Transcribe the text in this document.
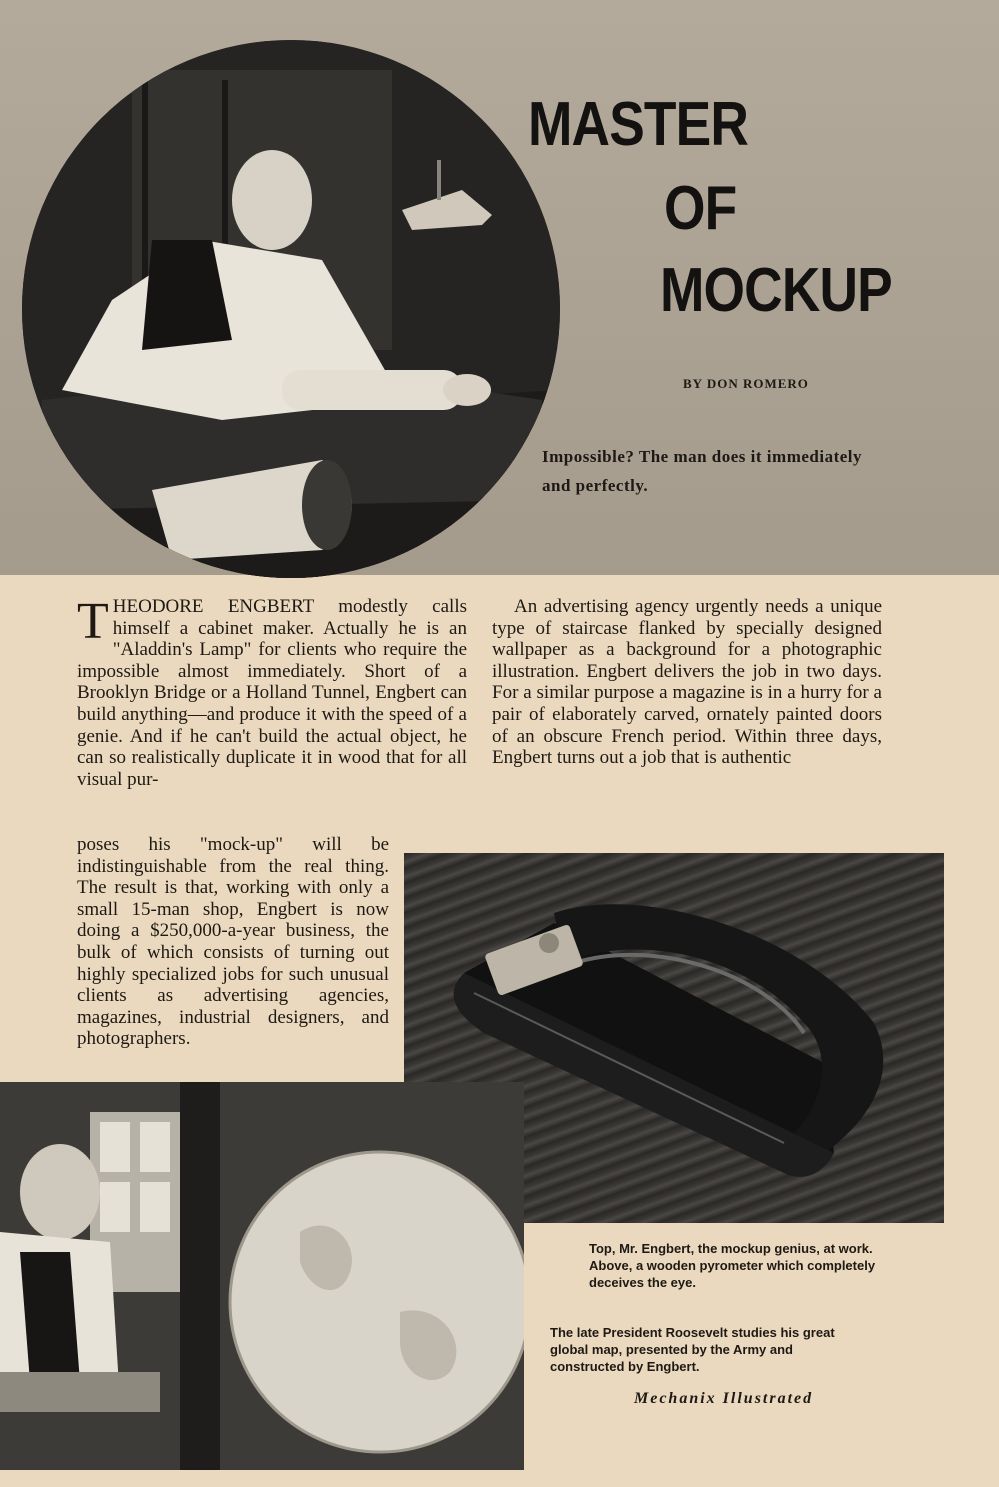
MASTER
OF
MOCKUP
BY DON ROMERO
Impossible? The man does it immediately and perfectly.
T HEODORE ENGBERT modestly calls himself a cabinet maker. Actually he is an "Aladdin's Lamp" for clients who require the impossible almost immediately. Short of a Brooklyn Bridge or a Holland Tunnel, Engbert can build anything—and produce it with the speed of a genie. And if he can't build the actual object, he can so realistically duplicate it in wood that for all visual pur-
poses his "mock-up" will be indistinguishable from the real thing. The result is that, working with only a small 15-man shop, Engbert is now doing a $250,000-a-year business, the bulk of which consists of turning out highly specialized jobs for such unusual clients as advertising agencies, magazines, industrial designers, and photographers.
An advertising agency urgently needs a unique type of staircase flanked by specially designed wallpaper as a background for a photographic illustration. Engbert delivers the job in two days. For a similar purpose a magazine is in a hurry for a pair of elaborately carved, ornately painted doors of an obscure French period. Within three days, Engbert turns out a job that is authentic
Top, Mr. Engbert, the mockup genius, at work. Above, a wooden pyrometer which completely deceives the eye.
The late President Roosevelt studies his great global map, presented by the Army and constructed by Engbert.
Mechanix Illustrated
